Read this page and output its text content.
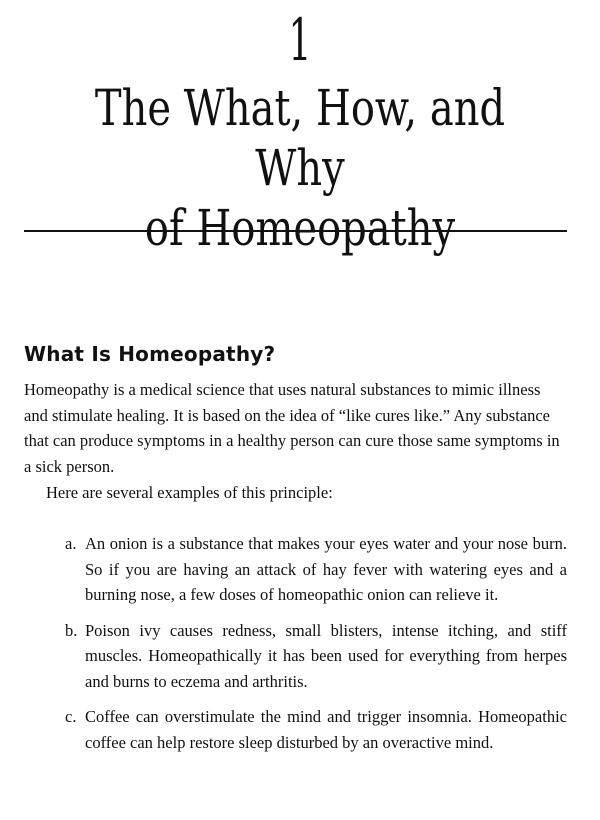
1
The What, How, and Why
of Homeopathy
What Is Homeopathy?

Homeopathy is a medical science that uses natural substances to mimic illness and stimulate healing. It is based on the idea of “like cures like.” Any substance that can produce symptoms in a healthy person can cure those same symptoms in a sick person.

Here are several examples of this principle:

a. An onion is a substance that makes your eyes water and your nose burn. So if you are having an attack of hay fever with watering eyes and a burning nose, a few doses of homeopathic onion can relieve it.
b. Poison ivy causes redness, small blisters, intense itching, and stiff muscles. Homeopathically it has been used for everything from herpes and burns to eczema and arthritis.
c. Coffee can overstimulate the mind and trigger insomnia. Homeopathic coffee can help restore sleep disturbed by an overactive mind.
